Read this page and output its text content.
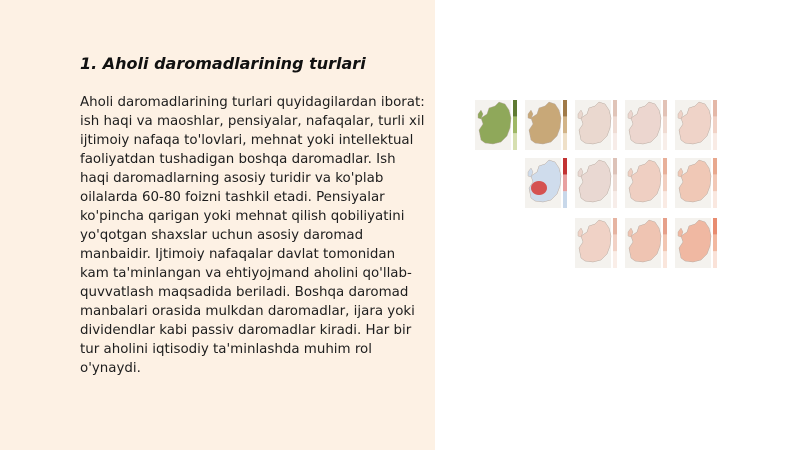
1. Aholi daromadlarining turlari

Aholi daromadlarining turlari quyidagilardan iborat: ish haqi va maoshlar, pensiyalar, nafaqalar, turli xil ijtimoiy nafaqa to'lovlari, mehnat yoki intellektual faoliyatdan tushadigan boshqa daromadlar. Ish haqi daromadlarning asosiy turidir va ko'plab oilalarda 60-80 foizni tashkil etadi. Pensiyalar ko'pincha qarigan yoki mehnat qilish qobiliyatini yo'qotgan shaxslar uchun asosiy daromad manbaidir. Ijtimoiy nafaqalar davlat tomonidan kam ta'minlangan va ehtiyojmand aholini qo'llab-quvvatlash maqsadida beriladi. Boshqa daromad manbalari orasida mulkdan daromadlar, ijara yoki dividendlar kabi passiv daromadlar kiradi. Har bir tur aholini iqtisodiy ta'minlashda muhim rol o'ynaydi.
